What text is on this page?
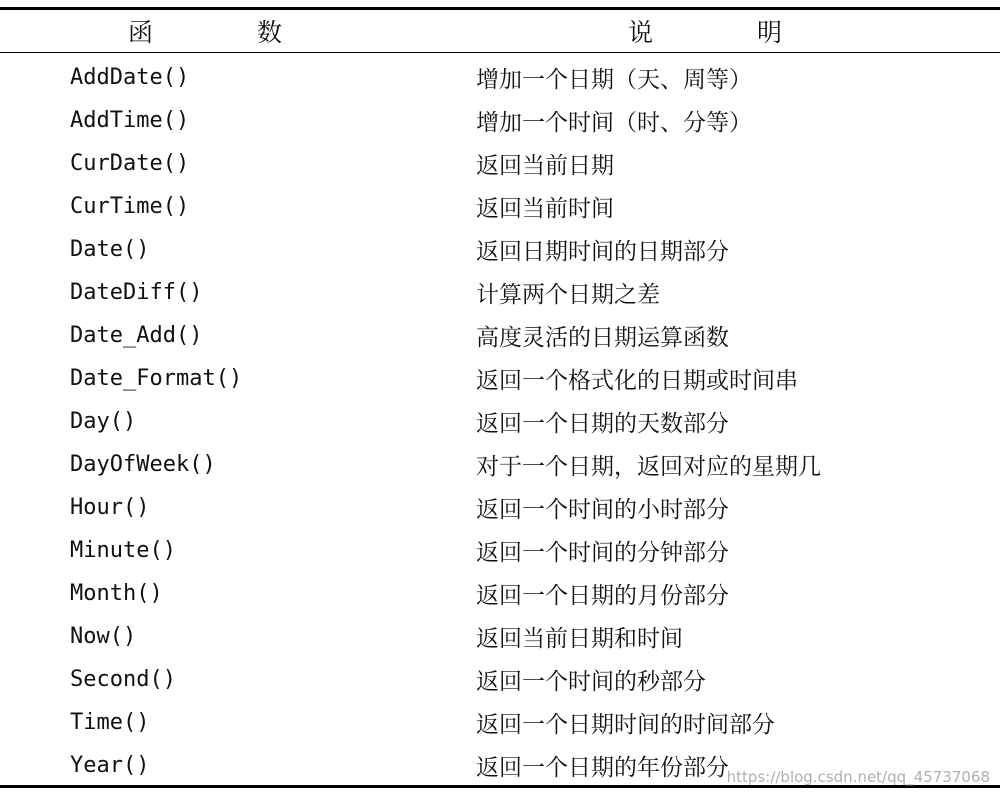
函 数	说 明
AddDate()	增加一个日期（天、周等）
AddTime()	增加一个时间（时、分等）
CurDate()	返回当前日期
CurTime()	返回当前时间
Date()	返回日期时间的日期部分
DateDiff()	计算两个日期之差
Date_Add()	高度灵活的日期运算函数
Date_Format()	返回一个格式化的日期或时间串
Day()	返回一个日期的天数部分
DayOfWeek()	对于一个日期，返回对应的星期几
Hour()	返回一个时间的小时部分
Minute()	返回一个时间的分钟部分
Month()	返回一个日期的月份部分
Now()	返回当前日期和时间
Second()	返回一个时间的秒部分
Time()	返回一个日期时间的时间部分
Year()	返回一个日期的年份部分
https://blog.csdn.net/qq_45737068
